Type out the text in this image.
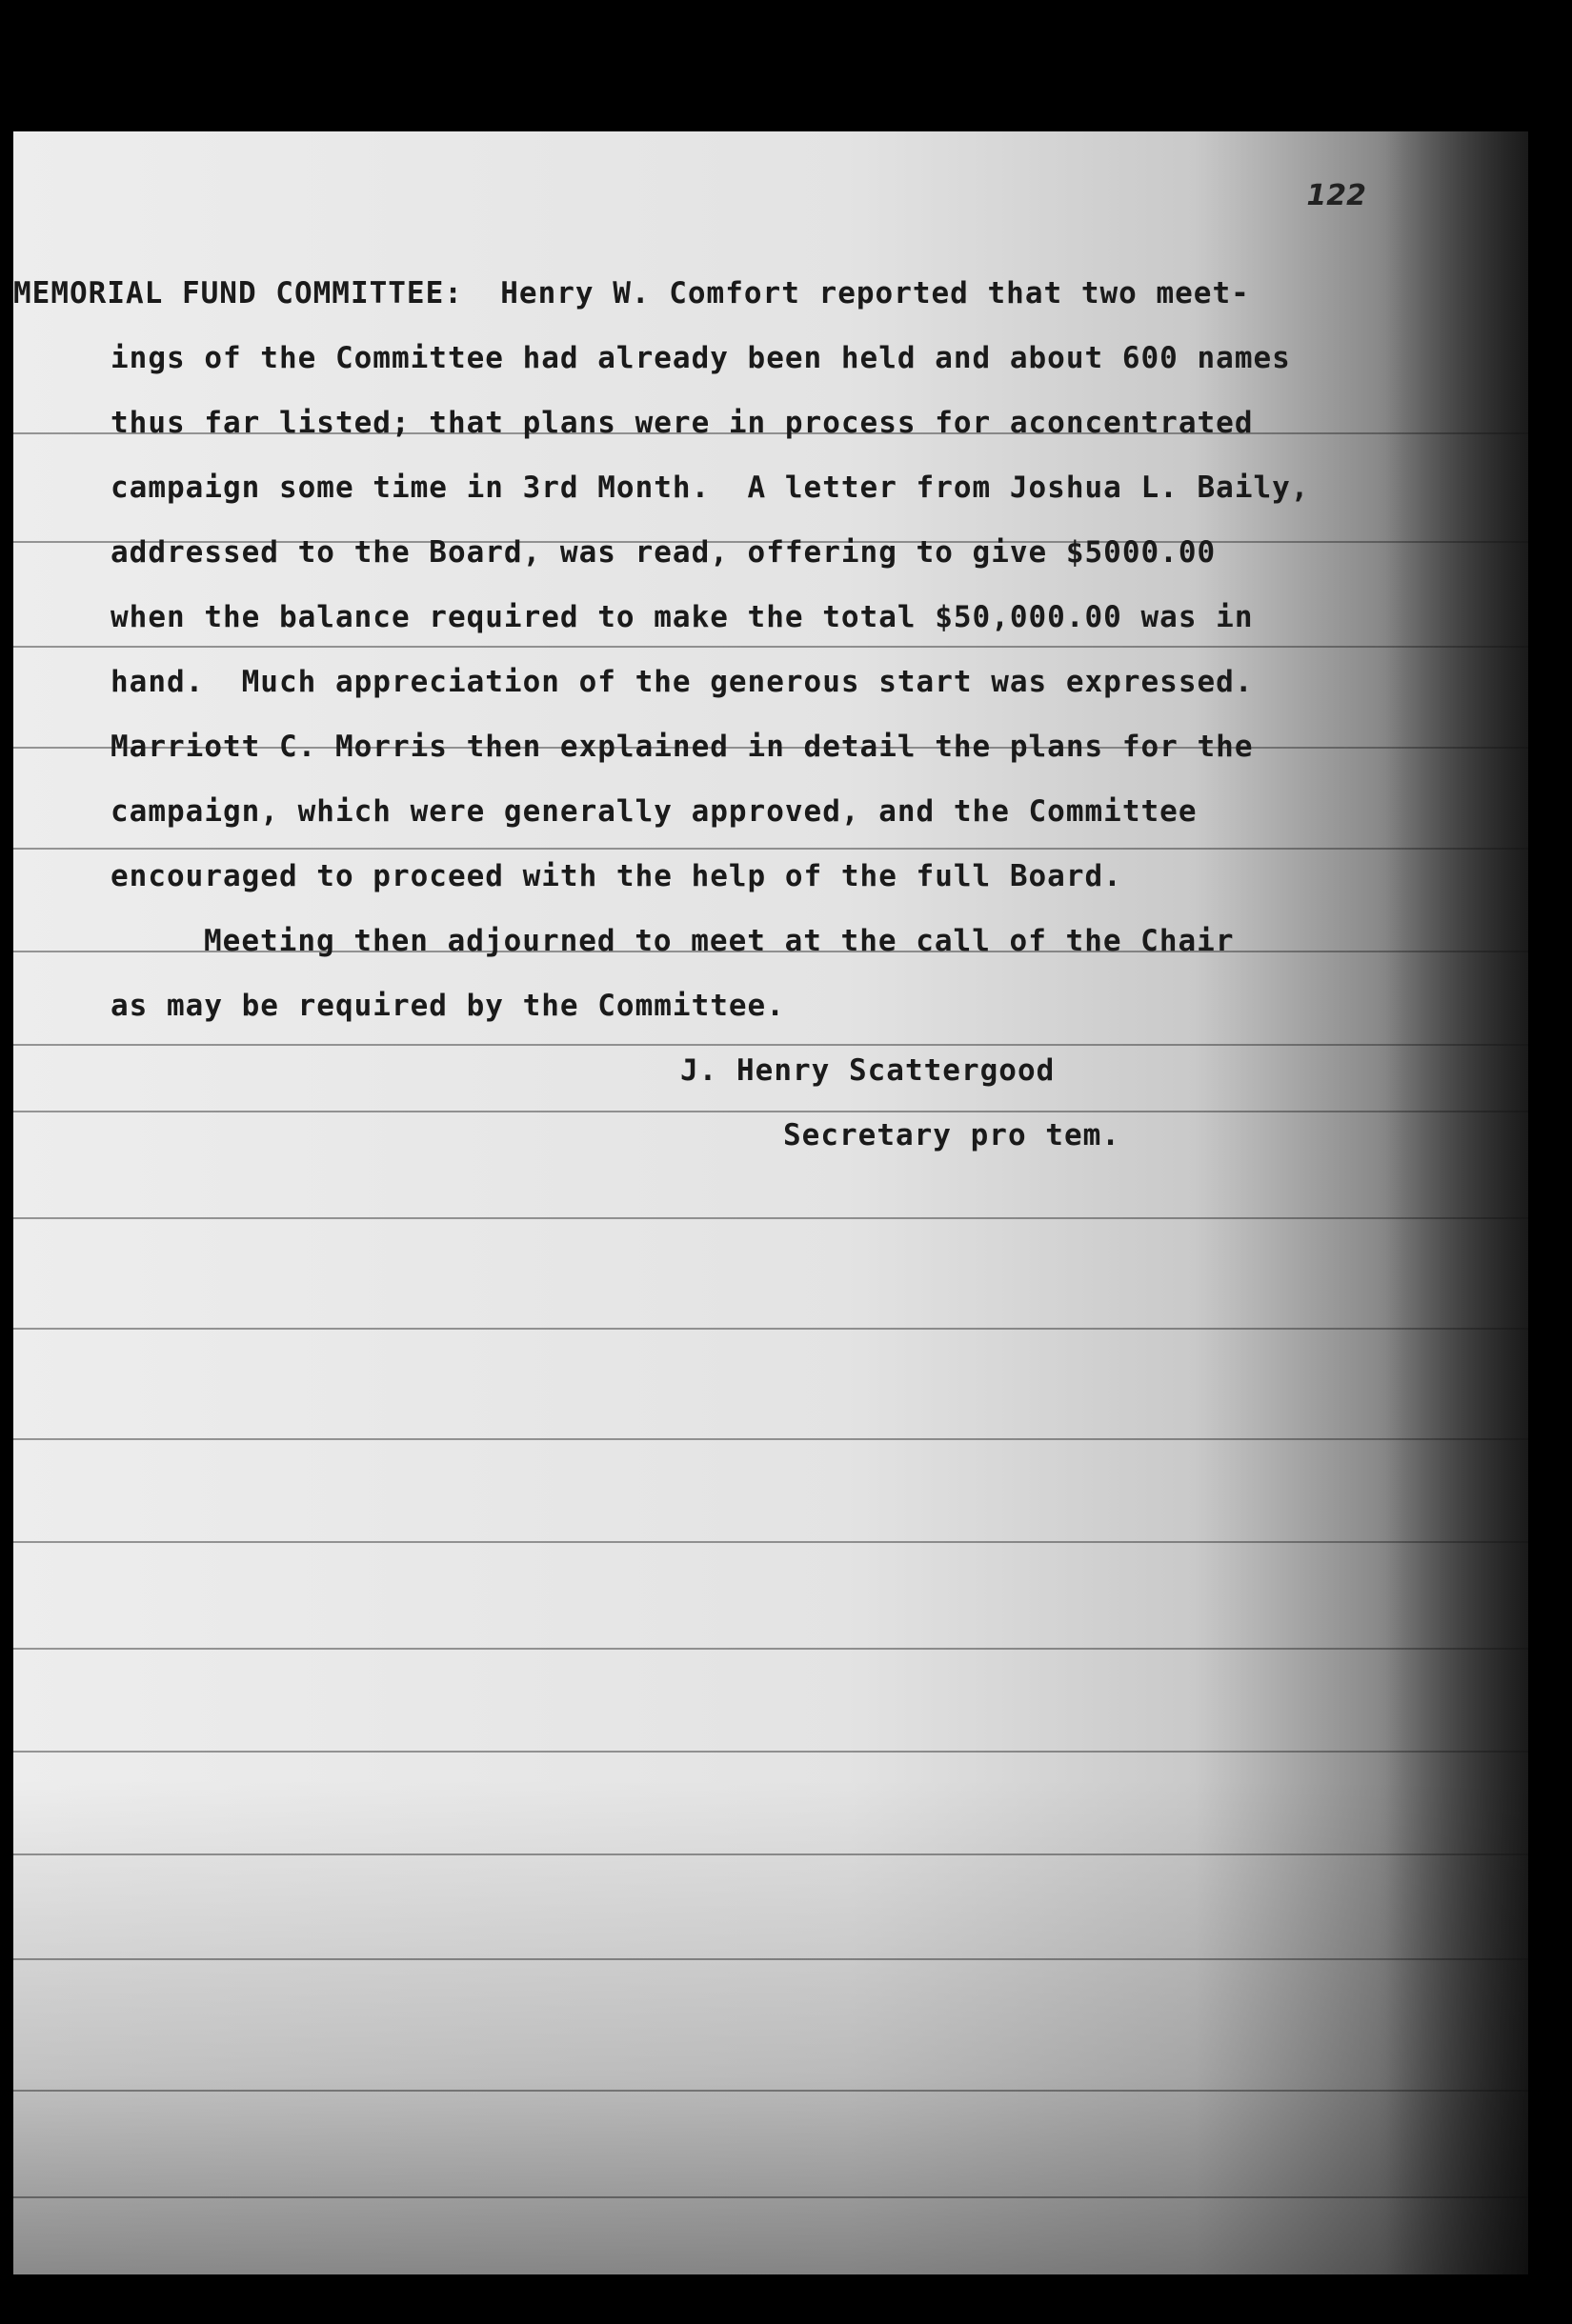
122
MEMORIAL FUND COMMITTEE:  Henry W. Comfort reported that two meet-
ings of the Committee had already been held and about 600 names
thus far listed; that plans were in process for aconcentrated
campaign some time in 3rd Month.  A letter from Joshua L. Baily,
addressed to the Board, was read, offering to give $5000.00
when the balance required to make the total $50,000.00 was in
hand.  Much appreciation of the generous start was expressed.
Marriott C. Morris then explained in detail the plans for the
campaign, which were generally approved, and the Committee
encouraged to proceed with the help of the full Board.
Meeting then adjourned to meet at the call of the Chair
as may be required by the Committee.
J. Henry Scattergood
Secretary pro tem.
